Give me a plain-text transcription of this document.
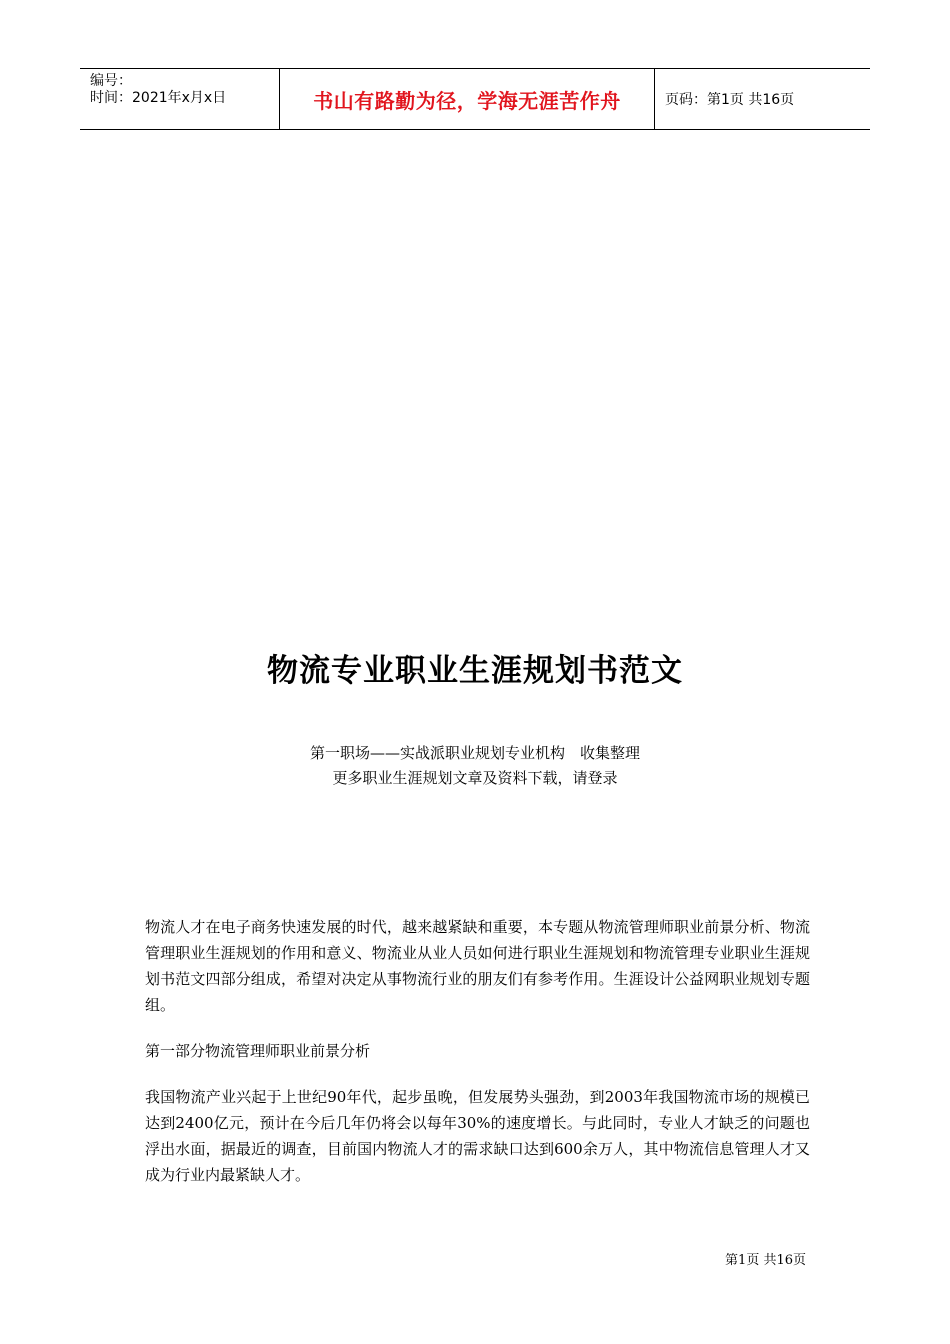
编号：
时间：2021年x月x日	书山有路勤为径，学海无涯苦作舟	页码：第1页 共16页
物流专业职业生涯规划书范文
第一职场——实战派职业规划专业机构　收集整理
更多职业生涯规划文章及资料下载，请登录

物流人才在电子商务快速发展的时代，越来越紧缺和重要，本专题从物流管理师职业前景分析、物流管理职业生涯规划的作用和意义、物流业从业人员如何进行职业生涯规划和物流管理专业职业生涯规划书范文四部分组成，希望对决定从事物流行业的朋友们有参考作用。生涯设计公益网职业规划专题组。

第一部分物流管理师职业前景分析

我国物流产业兴起于上世纪90年代，起步虽晚，但发展势头强劲，到2003年我国物流市场的规模已达到2400亿元，预计在今后几年仍将会以每年30%的速度增长。与此同时，专业人才缺乏的问题也浮出水面，据最近的调查，目前国内物流人才的需求缺口达到600余万人，其中物流信息管理人才又成为行业内最紧缺人才。

第1页 共16页
